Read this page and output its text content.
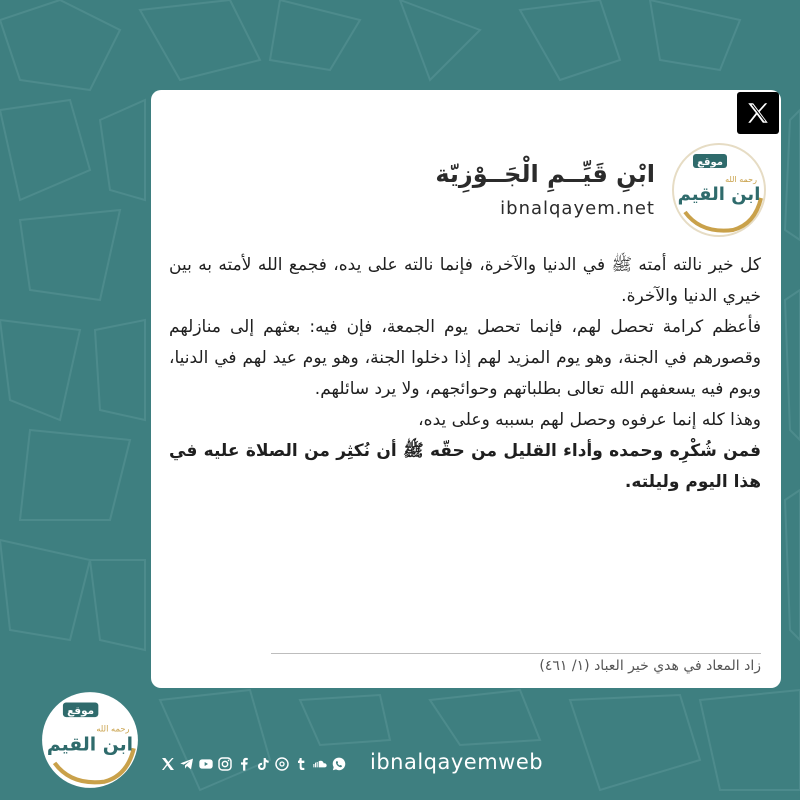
موقع
ابن القيم
رحمه الله
ابْنِ قَيِّــمِ الْجَــوْزِيّة
ibnalqayem.net

كل خير نالته أمته ﷺ في الدنيا والآخرة، فإنما نالته على يده، فجمع الله لأمته به بين خيري الدنيا والآخرة.

فأعظم كرامة تحصل لهم، فإنما تحصل يوم الجمعة، فإن فيه: بعثهم إلى منازلهم وقصورهم في الجنة، وهو يوم المزيد لهم إذا دخلوا الجنة، وهو يوم عيد لهم في الدنيا، ويوم فيه يسعفهم الله تعالى بطلباتهم وحوائجهم، ولا يرد سائلهم.

وهذا كله إنما عرفوه وحصل لهم بسببه وعلى يده،

فمن شُكْرِه وحمده وأداء القليل من حقّه ﷺ أن نُكثِر من الصلاة عليه في هذا اليوم وليلته.

زاد المعاد في هدي خير العباد (١/ ٤٦١)
موقع
ابن القيم
رحمه الله
ibnalqayemweb
